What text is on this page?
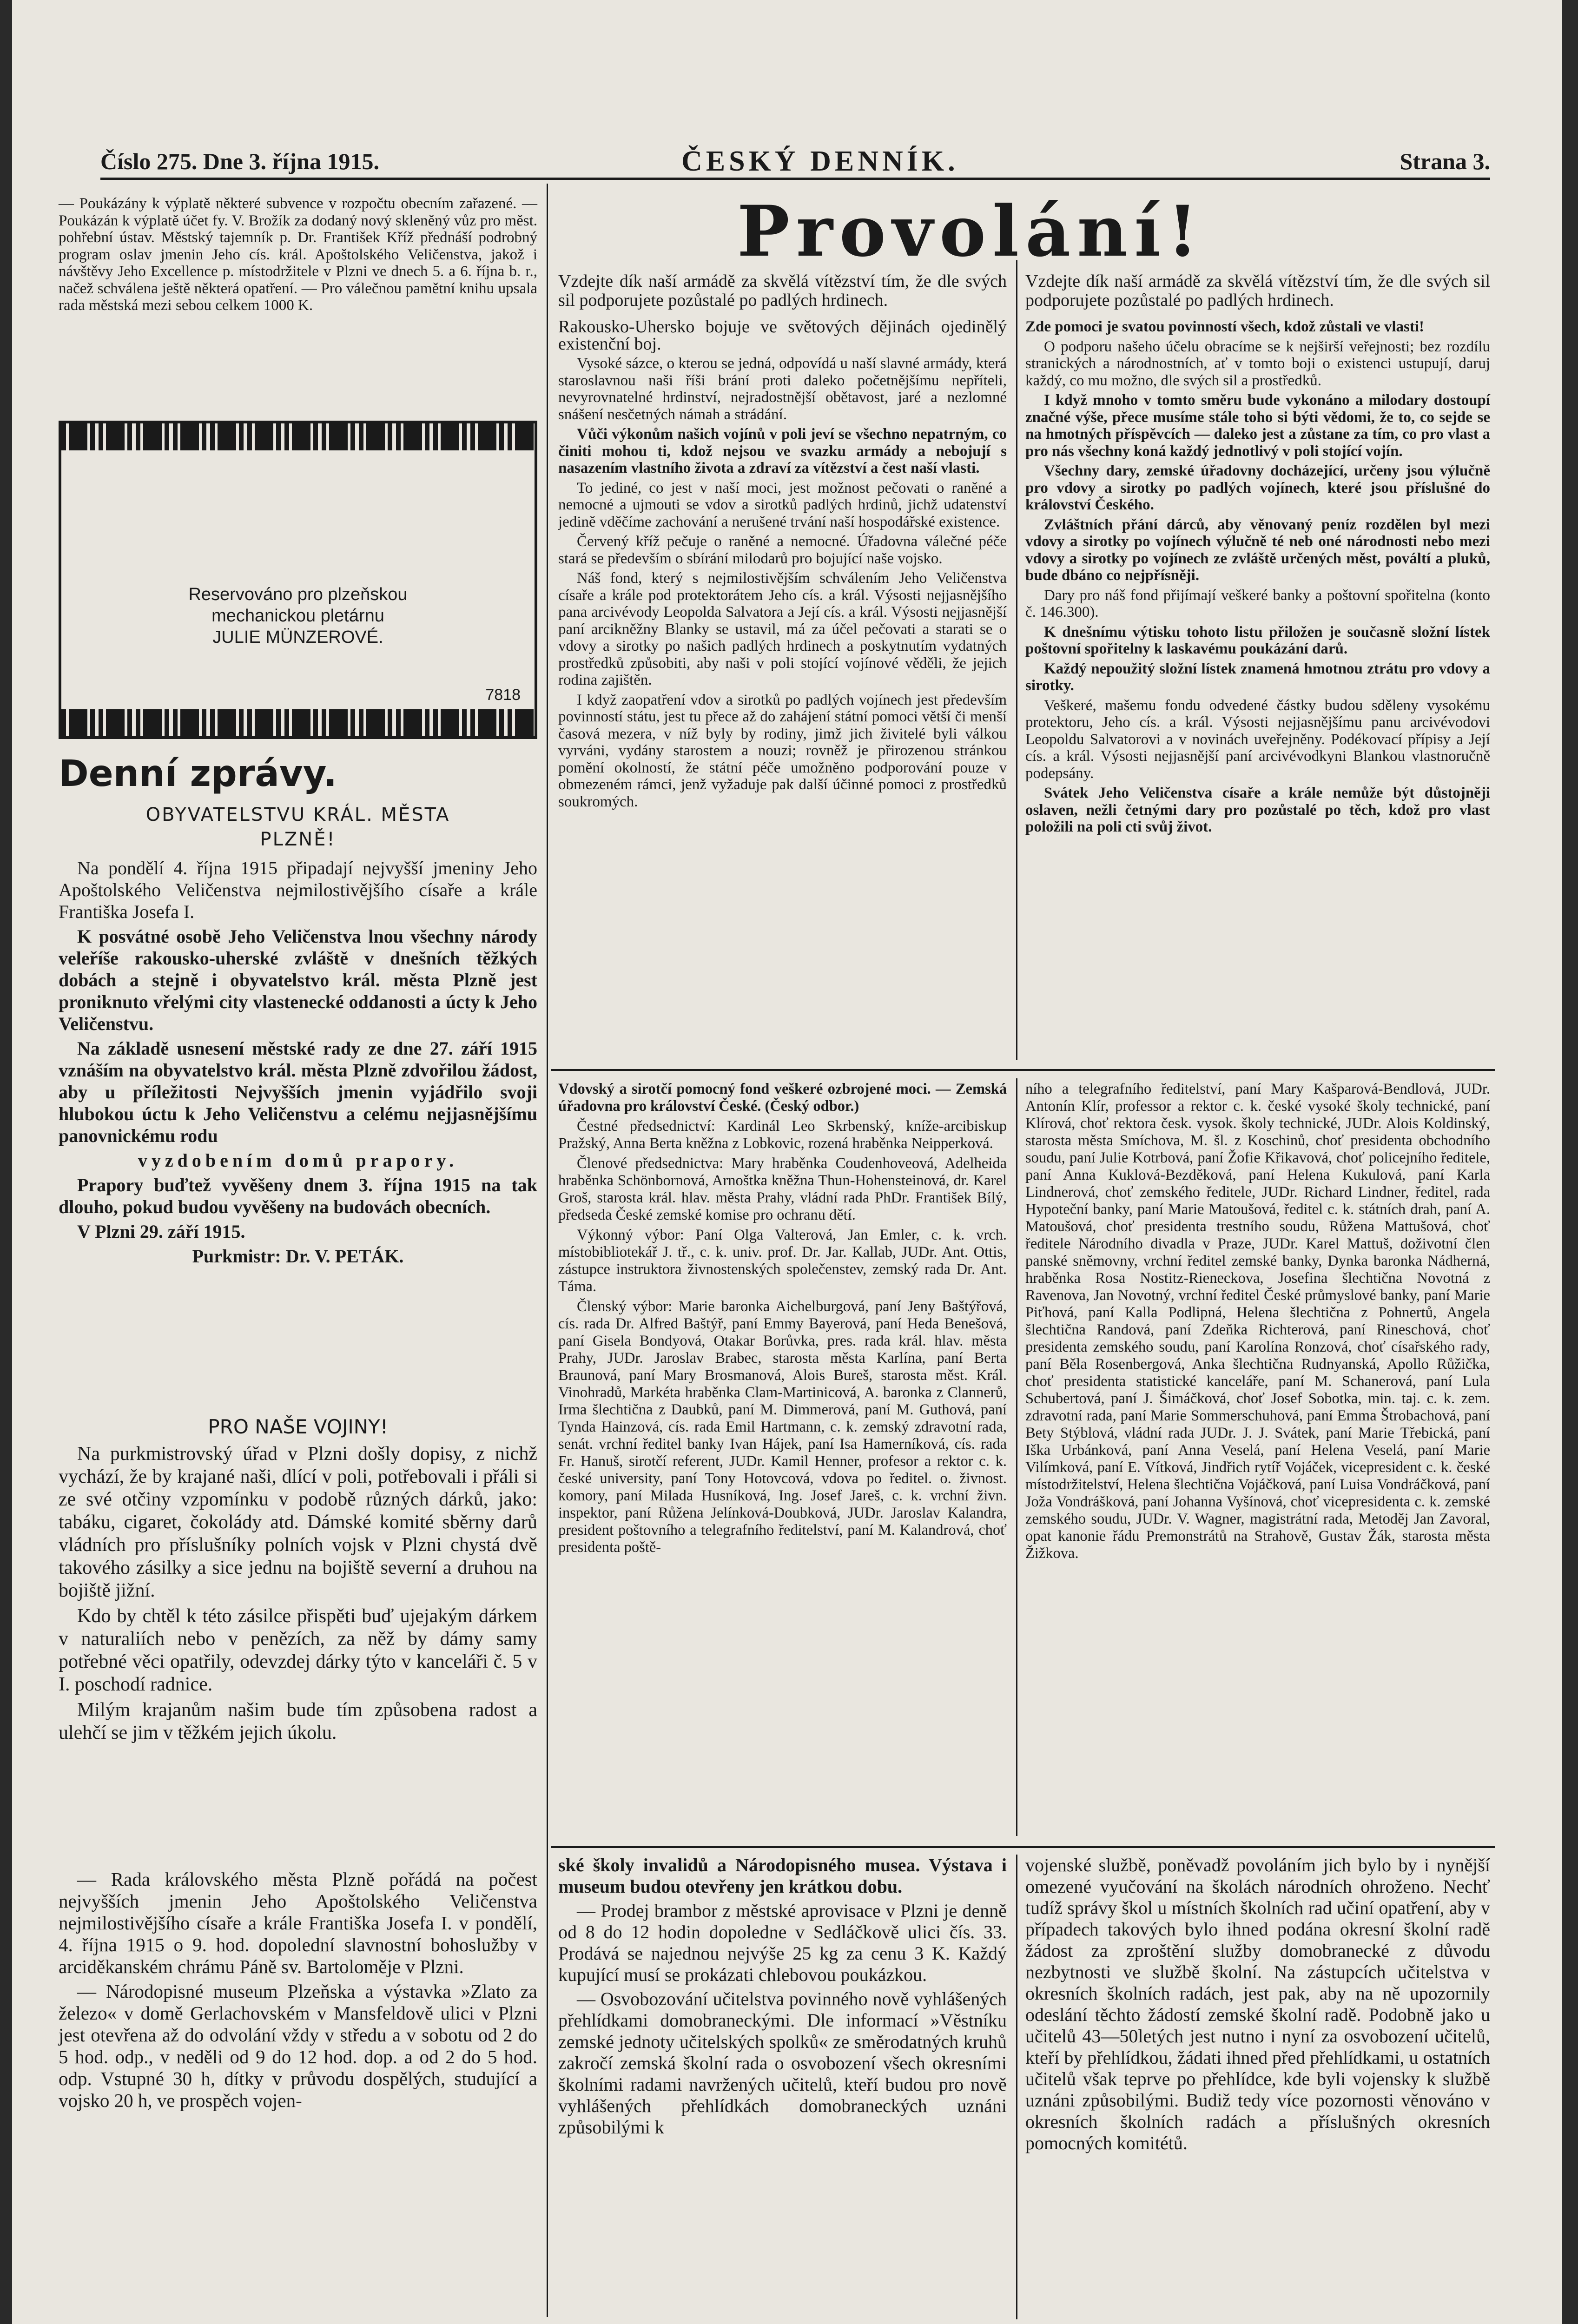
Číslo 275. Dne 3. října 1915.	ČESKÝ DENNÍK.	Strana 3.

— Poukázány k výplatě některé subvence v rozpočtu obecním zařazené. — Poukázán k výplatě účet fy. V. Brožík za dodaný nový skleněný vůz pro měst. pohřební ústav. Městský tajemník p. Dr. František Kříž přednáší podrobný program oslav jmenin Jeho cís. král. Apoštolského Veličenstva, jakož i návštěvy Jeho Excellence p. místodržitele v Plzni ve dnech 5. a 6. října b. r., načež schválena ještě některá opatření. — Pro válečnou pamětní knihu upsala rada městská mezi sebou celkem 1000 K.

Reservováno pro plzeňskou
mechanickou pletárnu
JULIE MÜNZEROVÉ.
7818
Denní zprávy.

OBYVATELSTVU KRÁL. MĚSTA

PLZNĚ!

Na pondělí 4. října 1915 připadají nejvyšší jmeniny Jeho Apoštolského Veličenstva nejmilostivějšího císaře a krále Františka Josefa I.

K posvátné osobě Jeho Veličenstva lnou všechny národy veleříše rakousko-uherské zvláště v dnešních těžkých dobách a stejně i obyvatelstvo král. města Plzně jest proniknuto vřelými city vlastenecké oddanosti a úcty k Jeho Veličenstvu.

Na základě usnesení městské rady ze dne 27. září 1915 vznáším na obyvatelstvo král. města Plzně zdvořilou žádost, aby u příležitosti Nejvyšších jmenin vyjádřilo svoji hlubokou úctu k Jeho Veličenstvu a celému nejjasnějšímu panovnickému rodu

vyzdobením domů prapory.

Prapory buďtež vyvěšeny dnem 3. října 1915 na tak dlouho, pokud budou vyvěšeny na budovách obecních.

V Plzni 29. září 1915.

Purkmistr: Dr. V. PETÁK.

PRO NAŠE VOJINY!

Na purkmistrovský úřad v Plzni došly dopisy, z nichž vychází, že by krajané naši, dlící v poli, potřebovali i přáli si ze své otčiny vzpomínku v podobě různých dárků, jako: tabáku, cigaret, čokolády atd. Dámské komité sběrny darů vládních pro příslušníky polních vojsk v Plzni chystá dvě takového zásilky a sice jednu na bojiště severní a druhou na bojiště jižní.

Kdo by chtěl k této zásilce přispěti buď ujejakým dárkem v naturaliích nebo v penězích, za něž by dámy samy potřebné věci opatřily, odevzdej dárky týto v kanceláři č. 5 v I. poschodí radnice.

Milým krajanům našim bude tím způsobena radost a ulehčí se jim v těžkém jejich úkolu.

— Rada královského města Plzně pořádá na počest nejvyšších jmenin Jeho Apoštolského Veličenstva nejmilostivějšího císaře a krále Františka Josefa I. v pondělí, 4. října 1915 o 9. hod. dopolední slavnostní bohoslužby v arciděkanském chrámu Páně sv. Bartoloměje v Plzni.

— Národopisné museum Plzeňska a výstavka »Zlato za železo« v domě Gerlachovském v Mansfeldově ulici v Plzni jest otevřena až do odvolání vždy v středu a v sobotu od 2 do 5 hod. odp., v neděli od 9 do 12 hod. dop. a od 2 do 5 hod. odp. Vstupné 30 h, dítky v průvodu dospělých, studující a vojsko 20 h, ve prospěch vojen-

Provolání!

Vzdejte dík naší armádě za skvělá vítězství tím, že dle svých sil podporujete pozůstalé po padlých hrdinech.

Rakousko-Uhersko bojuje ve světových dějinách ojedinělý existenční boj.

Vysoké sázce, o kterou se jedná, odpovídá u naší slavné armády, která staroslavnou naši říši brání proti daleko početnějšímu nepříteli, nevyrovnatelné hrdinství, nejradostnější obětavost, jaré a nezlomné snášení nesčetných námah a strádání.

Vůči výkonům našich vojínů v poli jeví se všechno nepatrným, co činiti mohou ti, kdož nejsou ve svazku armády a nebojují s nasazením vlastního života a zdraví za vítězství a čest naší vlasti.

To jediné, co jest v naší moci, jest možnost pečovati o raněné a nemocné a ujmouti se vdov a sirotků padlých hrdinů, jichž udatenství jedině vděčíme zachování a nerušené trvání naší hospodářské existence.

Červený kříž pečuje o raněné a nemocné. Úřadovna válečné péče stará se především o sbírání milodarů pro bojující naše vojsko.

Náš fond, který s nejmilostivějším schválením Jeho Veličenstva císaře a krále pod protektorátem Jeho cís. a král. Výsosti nejjasnějšího pana arcivévody Leopolda Salvatora a Její cís. a král. Výsosti nejjasnější paní arcikněžny Blanky se ustavil, má za účel pečovati a starati se o vdovy a sirotky po našich padlých hrdinech a poskytnutím vydatných prostředků způsobiti, aby naši v poli stojící vojínové věděli, že jejich rodina zajištěn.

I když zaopatření vdov a sirotků po padlých vojínech jest především povinností státu, jest tu přece až do zahájení státní pomoci větší či menší časová mezera, v níž byly by rodiny, jimž jich živitelé byli válkou vyrváni, vydány starostem a nouzi; rovněž je přirozenou stránkou pomění okolností, že státní péče umožněno podporování pouze v obmezeném rámci, jenž vyžaduje pak další účinné pomoci z prostředků soukromých.

Vzdejte dík naší armádě za skvělá vítězství tím, že dle svých sil podporujete pozůstalé po padlých hrdinech.

Zde pomoci je svatou povinností všech, kdož zůstali ve vlasti!

O podporu našeho účelu obracíme se k nejširší veřejnosti; bez rozdílu stranických a národnostních, ať v tomto boji o existenci ustupují, daruj každý, co mu možno, dle svých sil a prostředků.

I když mnoho v tomto směru bude vykonáno a milodary dostoupí značné výše, přece musíme stále toho si býti vědomi, že to, co sejde se na hmotných příspěvcích — daleko jest a zůstane za tím, co pro vlast a pro nás všechny koná každý jednotlivý v poli stojící vojín.

Všechny dary, zemské úřadovny docházející, určeny jsou výlučně pro vdovy a sirotky po padlých vojínech, které jsou příslušné do království Českého.

Zvláštních přání dárců, aby věnovaný peníz rozdělen byl mezi vdovy a sirotky po vojínech výlučně té neb oné národnosti nebo mezi vdovy a sirotky po vojínech ze zvláště určených měst, pováltí a pluků, bude dbáno co nejpřísněji.

Dary pro náš fond přijímají veškeré banky a poštovní spořitelna (konto č. 146.300).

K dnešnímu výtisku tohoto listu přiložen je současně složní lístek poštovní spořitelny k laskavému poukázání darů.

Každý nepoužitý složní lístek znamená hmotnou ztrátu pro vdovy a sirotky.

Veškeré, mašemu fondu odvedené částky budou sděleny vysokému protektoru, Jeho cís. a král. Výsosti nejjasnějšímu panu arcivévodovi Leopoldu Salvatorovi a v novinách uveřejněny. Podékovací přípisy a Její cís. a král. Výsosti nejjasnější paní arcivévodkyni Blankou vlastnoručně podepsány.

Svátek Jeho Veličenstva císaře a krále nemůže být důstojněji oslaven, nežli četnými dary pro pozůstalé po těch, kdož pro vlast položili na poli cti svůj život.

Vdovský a sirotčí pomocný fond veškeré ozbrojené moci. — Zemská úřadovna pro království České. (Český odbor.)

Čestné předsednictví: Kardinál Leo Skrbenský, kníže-arcibiskup Pražský, Anna Berta kněžna z Lobkovic, rozená hraběnka Neipperková.

Členové předsednictva: Mary hraběnka Coudenhoveová, Adelheida hraběnka Schönbornová, Arnoštka kněžna Thun-Hohensteinová, dr. Karel Groš, starosta král. hlav. města Prahy, vládní rada PhDr. František Bílý, předseda České zemské komise pro ochranu dětí.

Výkonný výbor: Paní Olga Valterová, Jan Emler, c. k. vrch. místobibliotekář J. tř., c. k. univ. prof. Dr. Jar. Kallab, JUDr. Ant. Ottis, zástupce instruktora živnostenských společenstev, zemský rada Dr. Ant. Táma.

Členský výbor: Marie baronka Aichelburgová, paní Jeny Baštýřová, cís. rada Dr. Alfred Baštýř, paní Emmy Bayerová, paní Heda Benešová, paní Gisela Bondyová, Otakar Borůvka, pres. rada král. hlav. města Prahy, JUDr. Jaroslav Brabec, starosta města Karlína, paní Berta Braunová, paní Mary Brosmanová, Alois Bureš, starosta měst. Král. Vinohradů, Markéta hraběnka Clam-Martinicová, A. baronka z Clannerů, Irma šlechtična z Daubků, paní M. Dimmerová, paní M. Guthová, paní Tynda Hainzová, cís. rada Emil Hartmann, c. k. zemský zdravotní rada, senát. vrchní ředitel banky Ivan Hájek, paní Isa Hamerníková, cís. rada Fr. Hanuš, sirotčí referent, JUDr. Kamil Henner, profesor a rektor c. k. české university, paní Tony Hotovcová, vdova po ředitel. o. živnost. komory, paní Milada Husníková, Ing. Josef Jareš, c. k. vrchní živn. inspektor, paní Růžena Jelínková-Doubková, JUDr. Jaroslav Kalandra, president poštovního a telegrafního ředitelství, paní M. Kalandrová, choť presidenta poště-

ního a telegrafního ředitelství, paní Mary Kašparová-Bendlová, JUDr. Antonín Klír, professor a rektor c. k. české vysoké školy technické, paní Klírová, choť rektora česk. vysok. školy technické, JUDr. Alois Koldinský, starosta města Smíchova, M. šl. z Koschinů, choť presidenta obchodního soudu, paní Julie Kotrbová, paní Žofie Křikavová, choť policejního ředitele, paní Anna Kuklová-Bezděková, paní Helena Kukulová, paní Karla Lindnerová, choť zemského ředitele, JUDr. Richard Lindner, ředitel, rada Hypoteční banky, paní Marie Matoušová, ředitel c. k. státních drah, paní A. Matoušová, choť presidenta trestního soudu, Růžena Mattušová, choť ředitele Národního divadla v Praze, JUDr. Karel Mattuš, doživotní člen panské sněmovny, vrchní ředitel zemské banky, Dynka baronka Nádherná, hraběnka Rosa Nostitz-Rieneckova, Josefina šlechtična Novotná z Ravenova, Jan Novotný, vrchní ředitel České průmyslové banky, paní Marie Piťhová, paní Kalla Podlipná, Helena šlechtična z Pohnertů, Angela šlechtična Randová, paní Zdeňka Richterová, paní Rineschová, choť presidenta zemského soudu, paní Karolína Ronzová, choť císařského rady, paní Běla Rosenbergová, Anka šlechtična Rudnyanská, Apollo Růžička, choť presidenta statistické kanceláře, paní M. Schanerová, paní Lula Schubertová, paní J. Šimáčková, choť Josef Sobotka, min. taj. c. k. zem. zdravotní rada, paní Marie Sommerschuhová, paní Emma Štrobachová, paní Bety Stýblová, vládní rada JUDr. J. J. Svátek, paní Marie Třebická, paní Iška Urbánková, paní Anna Veselá, paní Helena Veselá, paní Marie Vilímková, paní E. Vítková, Jindřich rytíř Vojáček, vicepresident c. k. české místodržitelství, Helena šlechtična Vojáčková, paní Luisa Vondráčková, paní Joža Vondrášková, paní Johanna Vyšínová, choť vicepresidenta c. k. zemské zemského soudu, JUDr. V. Wagner, magistrátní rada, Metoděj Jan Zavoral, opat kanonie řádu Premonstrátů na Strahově, Gustav Žák, starosta města Žižkova.

ské školy invalidů a Národopisného musea. Výstava i museum budou otevřeny jen krátkou dobu.

— Prodej brambor z městské aprovisace v Plzni je denně od 8 do 12 hodin dopoledne v Sedláčkově ulici čís. 33. Prodává se najednou nejvýše 25 kg za cenu 3 K. Každý kupující musí se prokázati chlebovou poukázkou.

— Osvobozování učitelstva povinného nově vyhlášených přehlídkami domobraneckými. Dle informací »Věstníku zemské jednoty učitelských spolků« ze směrodatných kruhů zakročí zemská školní rada o osvobození všech okresními školními radami navržených učitelů, kteří budou pro nově vyhlášených přehlídkách domobraneckých uznáni způsobilými k

vojenské službě, poněvadž povoláním jich bylo by i nynější omezené vyučování na školách národních ohroženo. Nechť tudíž správy škol u místních školních rad učiní opatření, aby v případech takových bylo ihned podána okresní školní radě žádost za zproštění služby domobranecké z důvodu nezbytnosti ve službě školní. Na zástupcích učitelstva v okresních školních radách, jest pak, aby na ně upozornily odeslání těchto žádostí zemské školní radě. Podobně jako u učitelů 43—50letých jest nutno i nyní za osvobození učitelů, kteří by přehlídkou, žádati ihned před přehlídkami, u ostatních učitelů však teprve po přehlídce, kde byli vojensky k službě uznáni způsobilými. Budiž tedy více pozornosti věnováno v okresních školních radách a příslušných okresních pomocných komitétů.
